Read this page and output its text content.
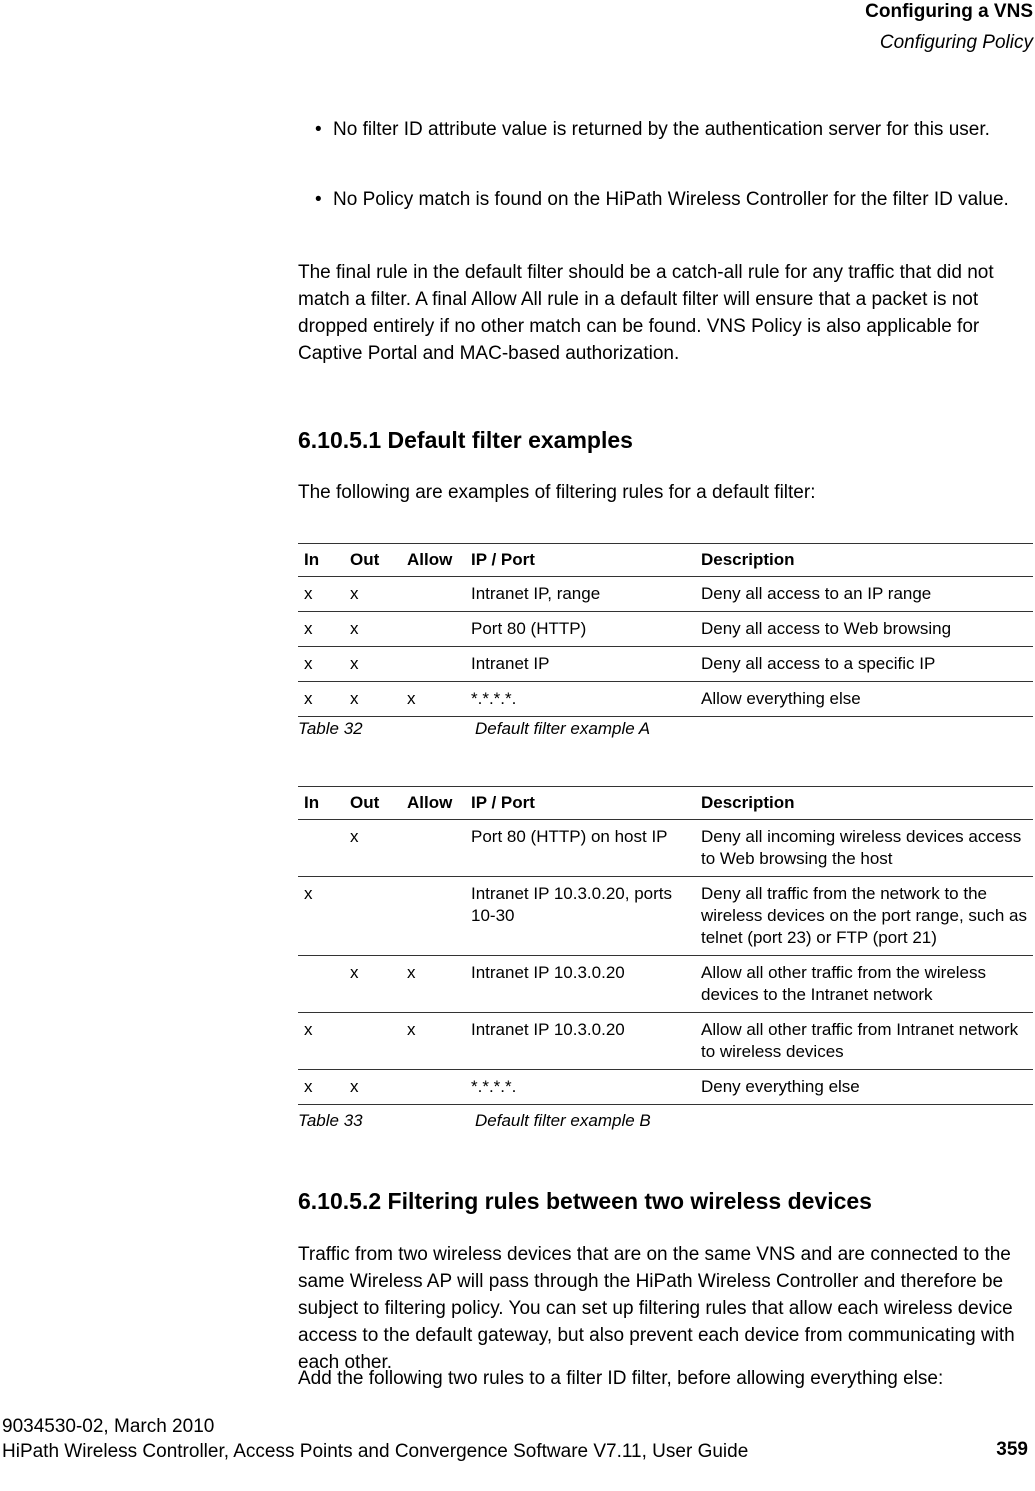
Configuring a VNS
Configuring Policy
• No filter ID attribute value is returned by the authentication server for this user.
• No Policy match is found on the HiPath Wireless Controller for the filter ID value.
The final rule in the default filter should be a catch-all rule for any traffic that did not match a filter. A final Allow All rule in a default filter will ensure that a packet is not dropped entirely if no other match can be found. VNS Policy is also applicable for Captive Portal and MAC-based authorization.
6.10.5.1 Default filter examples
The following are examples of filtering rules for a default filter:
In	Out	Allow	IP / Port	Description
x	x		Intranet IP, range	Deny all access to an IP range
x	x		Port 80 (HTTP)	Deny all access to Web browsing
x	x		Intranet IP	Deny all access to a specific IP
x	x	x	*.*.*.*.	Allow everything else
Table 32	Default filter example A
In	Out	Allow	IP / Port	Description
	x		Port 80 (HTTP) on host IP	Deny all incoming wireless devices access to Web browsing the host
x			Intranet IP 10.3.0.20, ports 10-30	Deny all traffic from the network to the wireless devices on the port range, such as telnet (port 23) or FTP (port 21)
	x	x	Intranet IP 10.3.0.20	Allow all other traffic from the wireless devices to the Intranet network
x		x	Intranet IP 10.3.0.20	Allow all other traffic from Intranet network to wireless devices
x	x		*.*.*.*.	Deny everything else
Table 33	Default filter example B
6.10.5.2 Filtering rules between two wireless devices
Traffic from two wireless devices that are on the same VNS and are connected to the same Wireless AP will pass through the HiPath Wireless Controller and therefore be subject to filtering policy. You can set up filtering rules that allow each wireless device access to the default gateway, but also prevent each device from communicating with each other.
Add the following two rules to a filter ID filter, before allowing everything else:
9034530-02, March 2010
HiPath Wireless Controller, Access Points and Convergence Software V7.11, User Guide	359
